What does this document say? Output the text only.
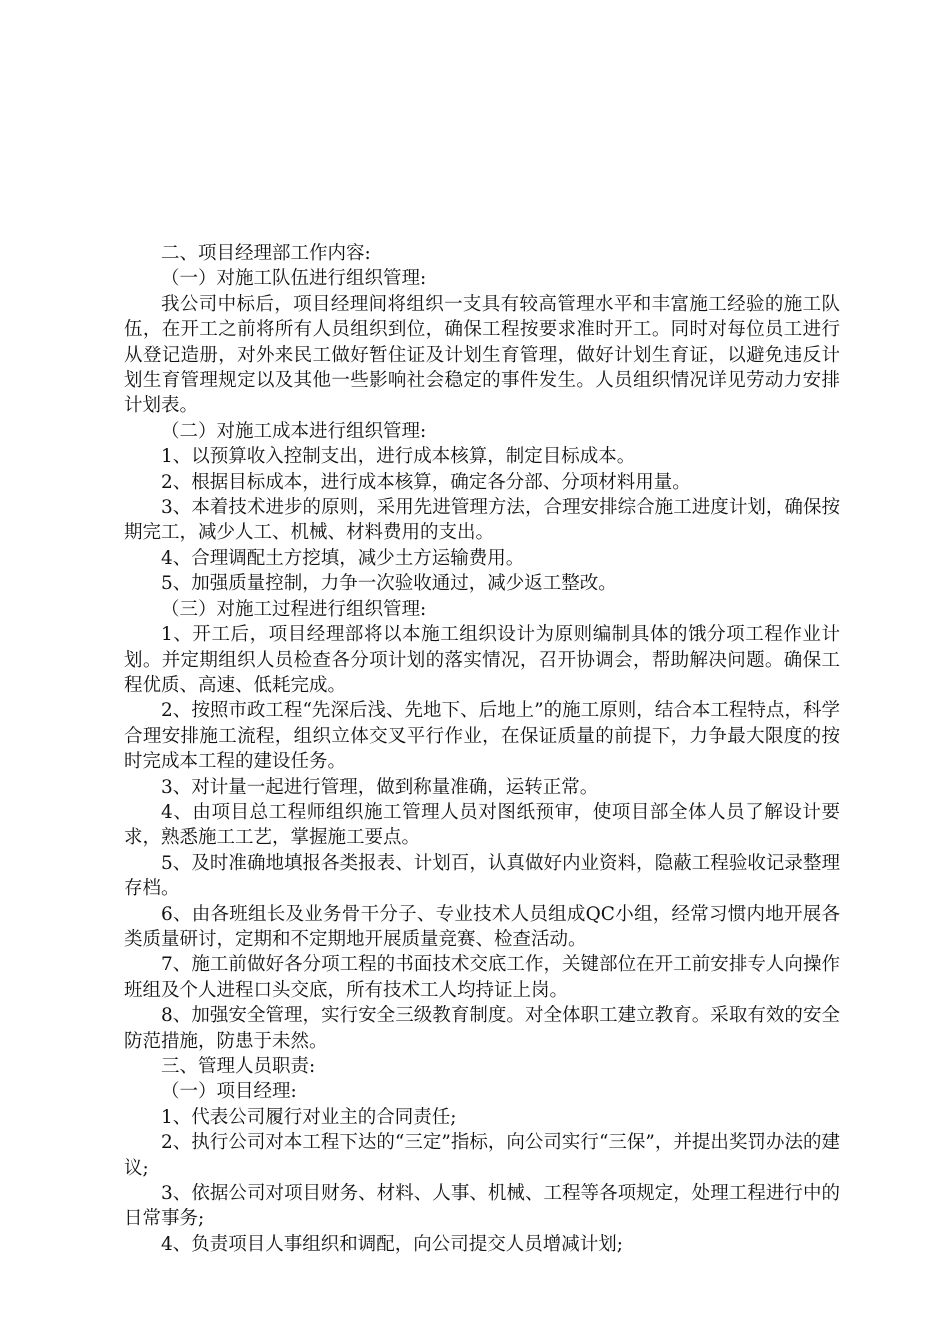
二、项目经理部工作内容:

（一）对施工队伍进行组织管理:

我公司中标后，项目经理间将组织一支具有较高管理水平和丰富施工经验的施工队伍，在开工之前将所有人员组织到位，确保工程按要求准时开工。同时对每位员工进行从登记造册，对外来民工做好暂住证及计划生育管理，做好计划生育证，以避免违反计划生育管理规定以及其他一些影响社会稳定的事件发生。人员组织情况详见劳动力安排计划表。

（二）对施工成本进行组织管理:

1、以预算收入控制支出，进行成本核算，制定目标成本。

2、根据目标成本，进行成本核算，确定各分部、分项材料用量。

3、本着技术进步的原则，采用先进管理方法，合理安排综合施工进度计划，确保按期完工，减少人工、机械、材料费用的支出。

4、合理调配土方挖填，减少土方运输费用。

5、加强质量控制，力争一次验收通过，减少返工整改。

（三）对施工过程进行组织管理:

1、开工后，项目经理部将以本施工组织设计为原则编制具体的饿分项工程作业计划。并定期组织人员检查各分项计划的落实情况，召开协调会，帮助解决问题。确保工程优质、高速、低耗完成。

2、按照市政工程“先深后浅、先地下、后地上”的施工原则，结合本工程特点，科学合理安排施工流程，组织立体交叉平行作业，在保证质量的前提下，力争最大限度的按时完成本工程的建设任务。

3、对计量一起进行管理，做到称量准确，运转正常。

4、由项目总工程师组织施工管理人员对图纸预审，使项目部全体人员了解设计要求，熟悉施工工艺，掌握施工要点。

5、及时准确地填报各类报表、计划百，认真做好内业资料，隐蔽工程验收记录整理存档。

6、由各班组长及业务骨干分子、专业技术人员组成QC小组，经常习惯内地开展各类质量研讨，定期和不定期地开展质量竞赛、检查活动。

7、施工前做好各分项工程的书面技术交底工作，关键部位在开工前安排专人向操作班组及个人进程口头交底，所有技术工人均持证上岗。

8、加强安全管理，实行安全三级教育制度。对全体职工建立教育。采取有效的安全防范措施，防患于未然。

三、管理人员职责:

（一）项目经理:

1、代表公司履行对业主的合同责任;

2、执行公司对本工程下达的“三定”指标，向公司实行“三保”，并提出奖罚办法的建议;

3、依据公司对项目财务、材料、人事、机械、工程等各项规定，处理工程进行中的日常事务;

4、负责项目人事组织和调配，向公司提交人员增减计划;
